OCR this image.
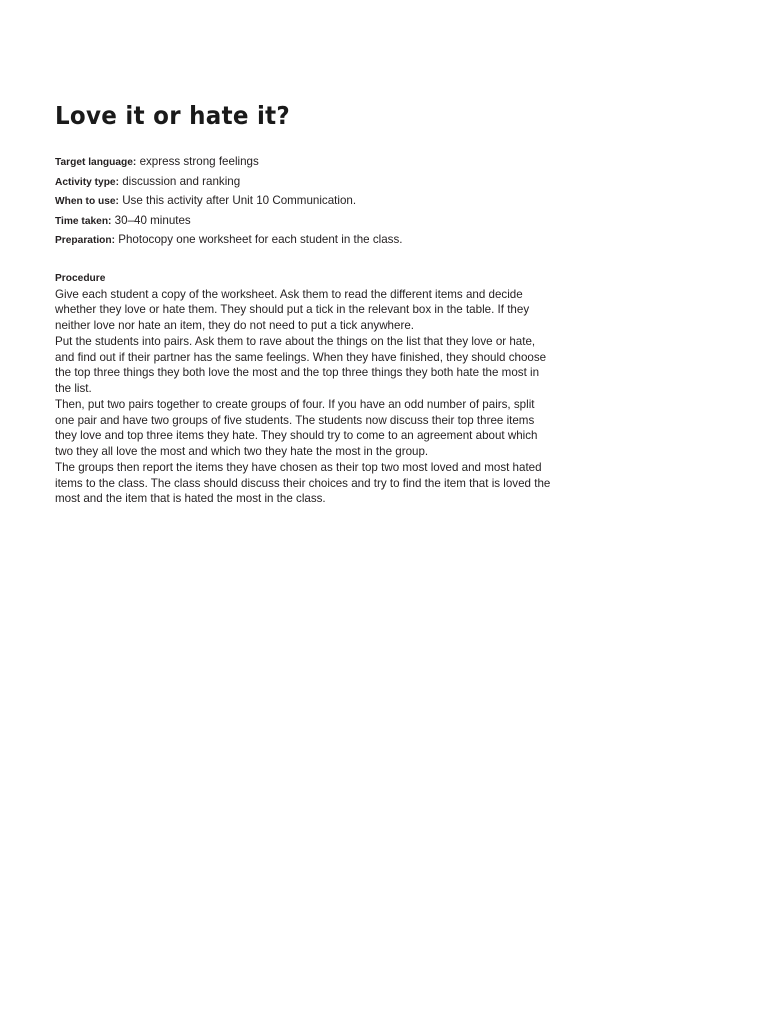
Love it or hate it?
Target language: express strong feelings
Activity type: discussion and ranking
When to use: Use this activity after Unit 10 Communication.
Time taken: 30–40 minutes
Preparation: Photocopy one worksheet for each student in the class.
Procedure

Give each student a copy of the worksheet. Ask them to read the different items and decide whether they love or hate them. They should put a tick in the relevant box in the table. If they neither love nor hate an item, they do not need to put a tick anywhere.

Put the students into pairs. Ask them to rave about the things on the list that they love or hate, and find out if their partner has the same feelings. When they have finished, they should choose the top three things they both love the most and the top three things they both hate the most in the list.

Then, put two pairs together to create groups of four. If you have an odd number of pairs, split one pair and have two groups of five students. The students now discuss their top three items they love and top three items they hate. They should try to come to an agreement about which two they all love the most and which two they hate the most in the group.

The groups then report the items they have chosen as their top two most loved and most hated items to the class. The class should discuss their choices and try to find the item that is loved the most and the item that is hated the most in the class.
